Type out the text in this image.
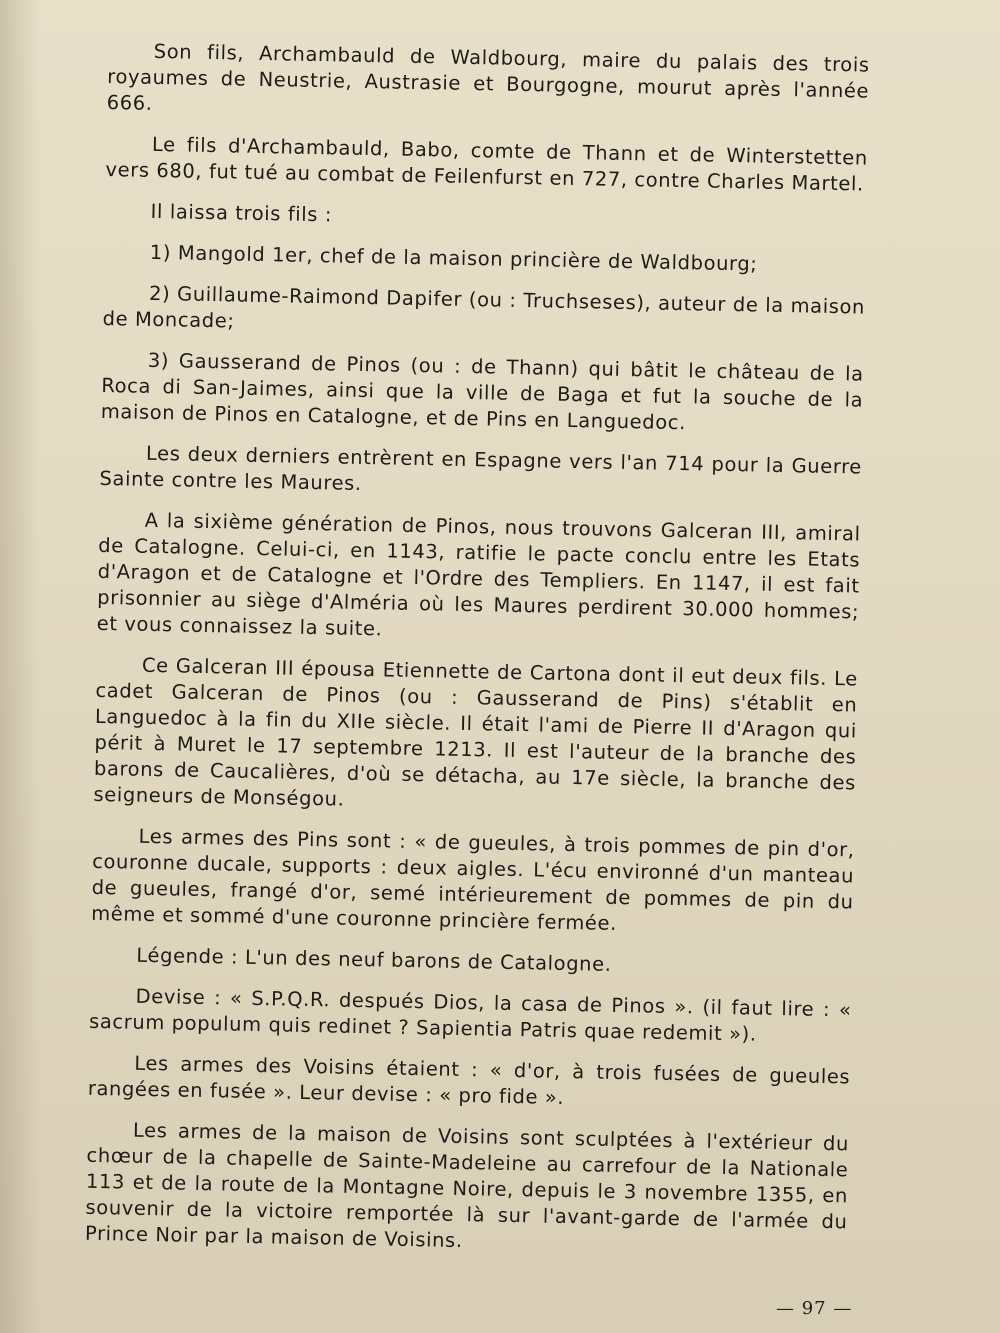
Son fils, Archambauld de Waldbourg, maire du palais des trois royaumes de Neustrie, Austrasie et Bourgogne, mourut après l'année 666.

Le fils d'Archambauld, Babo, comte de Thann et de Winterstetten vers 680, fut tué au combat de Feilenfurst en 727, contre Charles Martel.

Il laissa trois fils :

1) Mangold 1er, chef de la maison princière de Waldbourg;

2) Guillaume-Raimond Dapifer (ou : Truchseses), auteur de la maison de Moncade;

3) Gausserand de Pinos (ou : de Thann) qui bâtit le château de la Roca di San-Jaimes, ainsi que la ville de Baga et fut la souche de la maison de Pinos en Catalogne, et de Pins en Languedoc.

Les deux derniers entrèrent en Espagne vers l'an 714 pour la Guerre Sainte contre les Maures.

A la sixième génération de Pinos, nous trouvons Galceran III, amiral de Catalogne. Celui-ci, en 1143, ratifie le pacte conclu entre les Etats d'Aragon et de Catalogne et l'Ordre des Templiers. En 1147, il est fait prisonnier au siège d'Alméria où les Maures perdirent 30.000 hommes; et vous connaissez la suite.

Ce Galceran III épousa Etiennette de Cartona dont il eut deux fils. Le cadet Galceran de Pinos (ou : Gausserand de Pins) s'établit en Languedoc à la fin du XIIe siècle. Il était l'ami de Pierre II d'Aragon qui périt à Muret le 17 septembre 1213. Il est l'auteur de la branche des barons de Caucalières, d'où se détacha, au 17e siècle, la branche des seigneurs de Monségou.

Les armes des Pins sont : « de gueules, à trois pommes de pin d'or, couronne ducale, supports : deux aigles. L'écu environné d'un manteau de gueules, frangé d'or, semé intérieurement de pommes de pin du même et sommé d'une couronne princière fermée.

Légende : L'un des neuf barons de Catalogne.

Devise : « S.P.Q.R. después Dios, la casa de Pinos ». (il faut lire : « sacrum populum quis redinet ? Sapientia Patris quae redemit »).

Les armes des Voisins étaient : « d'or, à trois fusées de gueules rangées en fusée ». Leur devise : « pro fide ».

Les armes de la maison de Voisins sont sculptées à l'extérieur du chœur de la chapelle de Sainte-Madeleine au carrefour de la Nationale 113 et de la route de la Montagne Noire, depuis le 3 novembre 1355, en souvenir de la victoire remportée là sur l'avant-garde de l'armée du Prince Noir par la maison de Voisins.

— 97 —
